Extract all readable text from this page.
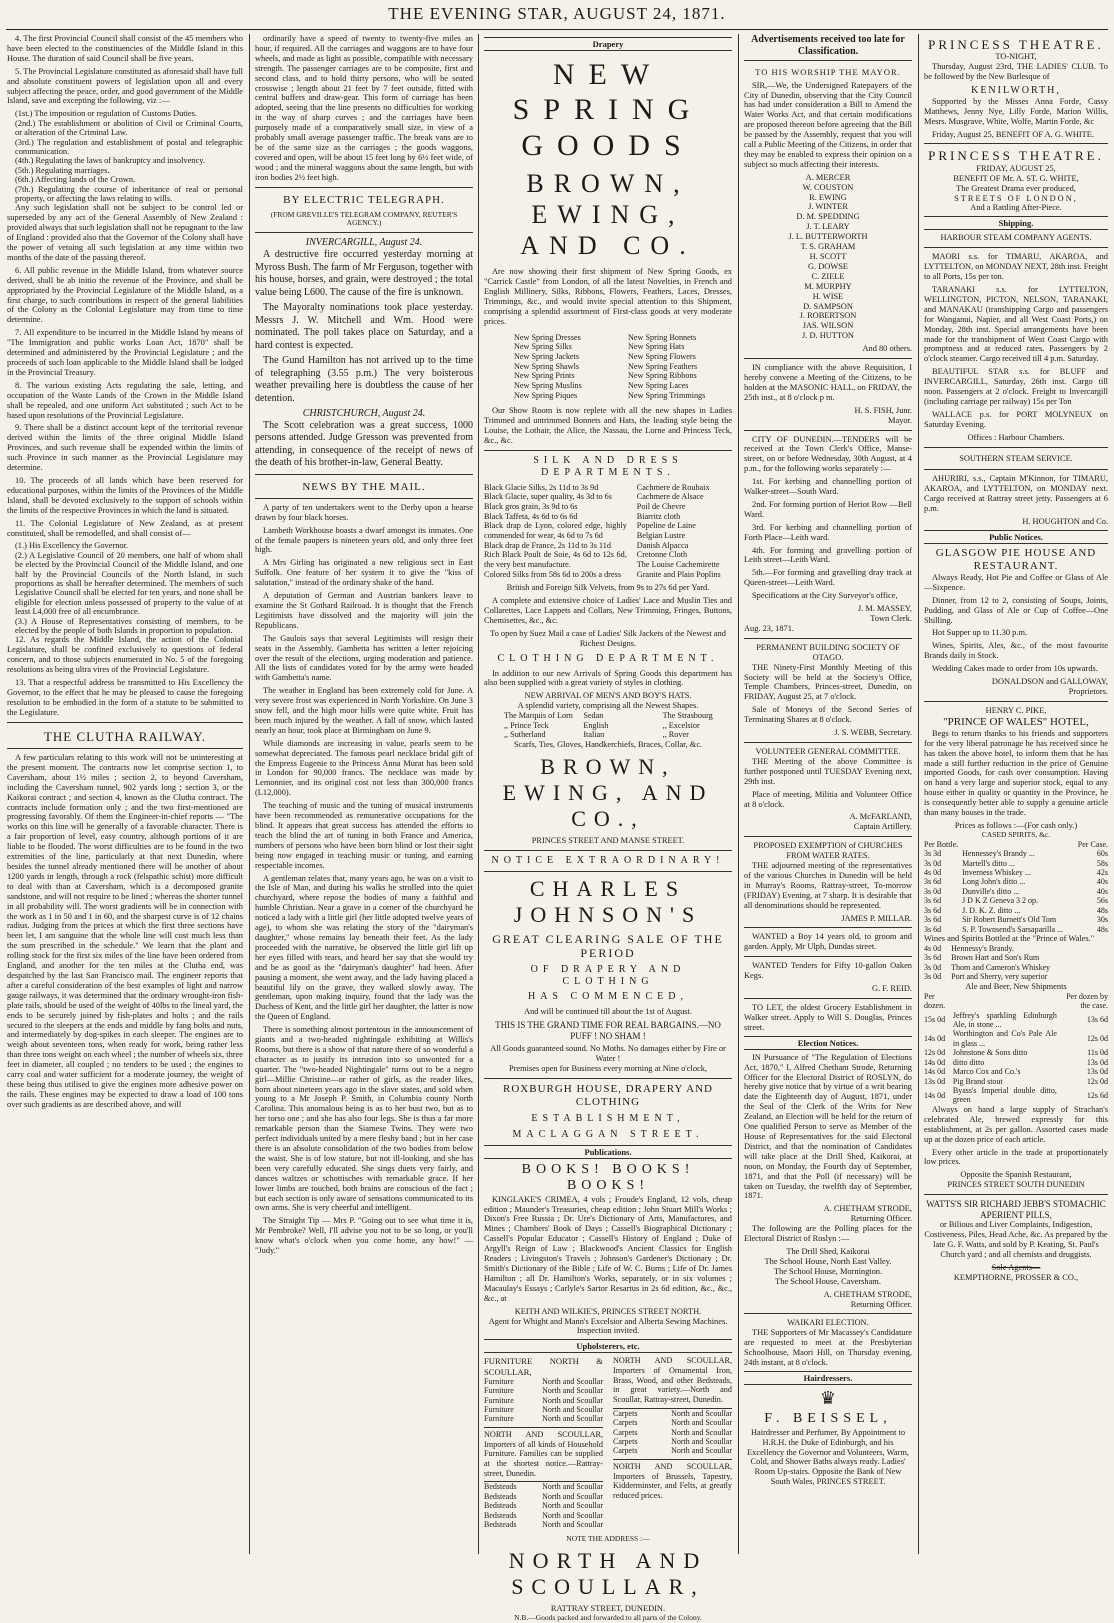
THE EVENING STAR, AUGUST 24, 1871.

4. The first Provincial Council shall consist of the 45 members who have been elected to the constituencies of the Middle Island in this House. The duration of said Council shall be five years.

5. The Provincial Legislature constituted as aforesaid shall have full and absolute constituent powers of legislation upon all and every subject affecting the peace, order, and good government of the Middle Island, save and excepting the following, viz :—

(1st.) The imposition or regulation of Customs Duties.
(2nd.) The establishment or abolition of Civil or Criminal Courts, or alteration of the Criminal Law.
(3rd.) The regulation and establishment of postal and telegraphic communication.
(4th.) Regulating the laws of bankruptcy and insolvency.
(5th.) Regulating marriages.
(6th.) Affecting lands of the Crown.
(7th.) Regulating the course of inheritance of real or personal property, or affecting the laws relating to wills.

Any such legislation shall not be subject to be control led or superseded by any act of the General Assembly of New Zealand : provided always that such legislation shall not be repugnant to the law of England : provided also that the Governor of the Colony shall have the power of vetoing all such legislation at any time within two months of the date of the passing thereof.

6. All public revenue in the Middle Island, from whatever source derived, shall be ab initio the revenue of the Province, and shall be appropriated by the Provincial Legislature of the Middle Island, as a first charge, to such contributions in respect of the general liabilities of the Colony as the Colonial Legislature may from time to time determine.

7. All expenditure to be incurred in the Middle Island by means of "The Immigration and public works Loan Act, 1870" shall be determined and administered by the Provincial Legislature ; and the proceeds of such loan applicable to the Middle Island shall be lodged in the Provincial Treasury.

8. The various existing Acts regulating the sale, letting, and occupation of the Waste Lands of the Crown in the Middle Island shall be repealed, and one uniform Act substituted ; such Act to be based upon resolutions of the Provincial Legislature.

9. There shall be a distinct account kept of the territorial revenue derived within the limits of the three original Middle Island Provinces, and such revenue shall be expended within the limits of such Province in such manner as the Provincial Legislature may determine.

10. The proceeds of all lands which have been reserved for educational purposes, within the limits of the Provinces of the Middle Island, shall be devoted exclusively to the support of schools within the limits of the respective Provinces in which the land is situated.

11. The Colonial Legislature of New Zealand, as at present constituted, shall be remodelled, and shall consist of—

(1.) His Excellency the Governor.
(2.) A Legislative Council of 20 members, one half of whom shall be elected by the Provincial Council of the Middle Island, and one half by the Provincial Councils of the North Island, in such proportions as shall be hereafter determined. The members of such Legislative Council shall be elected for ten years, and none shall be eligible for election unless possessed of property to the value of at least L4,000 free of all encumbrance.
(3.) A House of Representatives consisting of members, to be elected by the people of both Islands in proportion to population.

12. As regards the Middle Island, the action of the Colonial Legislature, shall be confined exclusively to questions of federal concern, and to those subjects enumerated in No. 5 of the foregoing resolutions as being ultra vires of the Provincial Legislature.

13. That a respectful address be transmitted to His Excellency the Governor, to the effect that he may be pleased to cause the foregoing resolution to be embodied in the form of a statute to be submitted to the Legislature.

THE CLUTHA RAILWAY.

A few particulars relating to this work will not be uninteresting at the present moment. The contracts now let comprise section 1, to Caversham, about 1½ miles ; section 2, to beyond Caversham, including the Caversham tunnel, 902 yards long ; section 3, or the Kaikorai contract ; and section 4, known as the Clutha contract. The contracts include formation only ; and the two first-mentioned are progressing favorably. Of them the Engineer-in-chief reports — "The works on this line will be generally of a favorable character. There is a fair proportion of level, easy country, although portions of it are liable to be flooded. The worst difficulties are to be found in the two extremities of the line, particularly at that next Dunedin, where besides the tunnel already mentioned there will be another of about 1200 yards in length, through a rock (felspathic schist) more difficult to deal with than at Caversham, which is a decomposed granite sandstone, and will not require to be lined ; whereas the shorter tunnel in all probability will. The worst gradients will be in connection with the work as 1 in 50 and 1 in 60, and the sharpest curve is of 12 chains radius. Judging from the prices at which the first three sections have been let, I am sanguine that the whole line will cost much less than the sum prescribed in the schedule." We learn that the plant and rolling stock for the first six miles of the line have been ordered from England, and another for the ten miles at the Clutha end, was despatched by the last San Francisco mail. The engineer reports that after a careful consideration of the best examples of light and narrow gauge railways, it was determined that the ordinary wrought-iron fish-plate rails, should be used of the weight of 40lbs to the lineal yard, the ends to be securely joined by fish-plates and bolts ; and the rails secured to the sleepers at the ends and middle by fang bolts and nuts, and intermediately by dog-spikes in each sleeper. The engines are to weigh about seventeen tons, when ready for work, being rather less than three tons weight on each wheel ; the number of wheels six, three feet in diameter, all coupled ; no tenders to be used ; the engines to carry coal and water sufficient for a moderate journey, the weight of these being thus utilised to give the engines more adhesive power on the rails. These engines may be expected to draw a load of 100 tons over such gradients as are described above, and will

ordinarily have a speed of twenty to twenty-five miles an hour, if required. All the carriages and waggons are to have four wheels, and made as light as possible, compatible with necessary strength. The passenger carriages are to be composite, first and second class, and to hold thirty persons, who will be seated crosswise ; length about 21 feet by 7 feet outside, fitted with central buffers and draw-gear. This form of carriage has been adopted, seeing that the line presents no difficulties for working in the way of sharp curves ; and the carriages have been purposely made of a comparatively small size, in view of a probably small average passenger traffic. The break vans are to be of the same size as the carriages ; the goods waggons, covered and open, will be about 15 feet long by 6½ feet wide, of wood ; and the mineral waggons about the same length, but with iron bodies 2½ feet high.

BY ELECTRIC TELEGRAPH.
(FROM GREVILLE'S TELEGRAM COMPANY, REUTER'S AGENCY.)
INVERCARGILL, August 24.

A destructive fire occurred yesterday morning at Myross Bush. The farm of Mr Ferguson, together with his house, horses, and grain, were destroyed ; the total value being L600. The cause of the fire is unknown.

The Mayoralty nominations took place yesterday. Messrs J. W. Mitchell and Wm. Hood were nominated. The poll takes place on Saturday, and a hard contest is expected.

The Gund Hamilton has not arrived up to the time of telegraphing (3.55 p.m.) The very boisterous weather prevailing here is doubtless the cause of her detention.

CHRISTCHURCH, August 24.

The Scott celebration was a great success, 1000 persons attended. Judge Gresson was prevented from attending, in consequence of the receipt of news of the death of his brother-in-law, General Beatty.

NEWS BY THE MAIL.

A party of ten undertakers went to the Derby upon a hearse drawn by four black horses.

Lambeth Workhouse boasts a dwarf amongst its inmates. One of the female paupers is nineteen years old, and only three feet high.

A Mrs Girling has originated a new religious sect in East Suffolk. One feature of her system it to give the "kiss of salutation," instead of the ordinary shake of the hand.

A deputation of German and Austrian bankers leave to examine the St Gothard Railroad. It is thought that the French Legitimists have dissolved and the majority will join the Republicans.

The Gaulois says that several Legitimists will resign their seats in the Assembly. Gambetta has written a letter rejoicing over the result of the elections, urging moderation and patience. All the lists of candidates voted for by the army were headed with Gambetta's name.

The weather in England has been extremely cold for June. A very severe frost was experienced in North Yorkshire. On June 3 snow fell, and the high moor hills were quite white. Fruit has been much injured by the weather. A fall of snow, which lasted nearly an hour, took place at Birmingham on June 9.

While diamonds are increasing in value, pearls seem to be somewhat depreciated. The famous pearl necklace bridal gift of the Empress Eugenie to the Princess Anna Murat has been sold in London for 90,000 francs. The necklace was made by Lemonnier, and its original cost not less than 300,000 francs (L12,000).

The teaching of music and the tuning of musical instruments have been recommended as remunerative occupations for the blind. It appears that great success has attended the efforts to teach the blind the art of tuning in both France and America, numbers of persons who have been born blind or lost their sight being now engaged in teaching music or tuning, and earning respectable incomes.

A gentleman relates that, many years ago, he was on a visit to the Isle of Man, and during his walks he strolled into the quiet churchyard, where repose the bodies of many a faithful and humble Christian. Near a grave in a corner of the churchyard he noticed a lady with a little girl (her little adopted twelve years of age), to whom she was relating the story of the "dairyman's daughter," whose remains lay beneath their feet. As the lady proceeded with the narrative, he observed the little girl lift up her eyes filled with tears, and heard her say that she would try and be as good as the "dairyman's daughter" had been. After pausing a moment, she went away, and the lady having placed a beautiful lily on the grave, they walked slowly away. The gentleman, upon making inquiry, found that the lady was the Duchess of Kent, and the little girl her daughter, the latter is now the Queen of England.

There is something almost portentous in the announcement of giants and a two-headed nightingale exhibiting at Willis's Rooms, but there is a show of that nature there of so wonderful a character as to justify its intrusion into so unwonted for a quarter. The "two-headed Nightingale" turns out to be a negro girl—Millie Christine—or rather of girls, as the reader likes, born about nineteen years ago in the slave states, and sold when young to a Mr Joseph P. Smith, in Columbia county North Carolina. This anomalous being is as to her bust two, but as to her torso one ; and she has also four legs. She is thus a far more remarkable person than the Siamese Twins. They were two perfect individuals united by a mere fleshy band ; but in her case there is an absolute consolidation of the two bodies from below the waist. She is of low stature, but not ill-looking, and she has been very carefully educated. She sings duets very fairly, and dances waltzes or schottisches with remarkable grace. If her lower limbs are touched, both brains are conscious of the fact ; but each section is only aware of sensations communicated to its own arms. She is very cheerful and intelligent.

The Straight Tip — Mrs P. "Going out to see what time it is, Mr Pembroke? Well, I'll advise you not to be so long, or you'll know what's o'clock when you come home, any how!" — "Judy."

Drapery
NEW SPRING GOODS
BROWN, EWING, AND CO.

Are now showing their first shipment of New Spring Goods, ex "Carrick Castle" from London, of all the latest Novelties, in French and English Millinery, Silks, Ribbons, Flowers, Feathers, Laces, Dresses, Trimmings, &c., and would invite special attention to this Shipment, comprising a splendid assortment of First-class goods at very moderate prices.

New Spring Dresses
New Spring Silks
New Spring Jackets
New Spring Shawls
New Spring Prints
New Spring Muslins
New Spring Piques
New Spring Bonnets
New Spring Hats
New Spring Flowers
New Spring Feathers
New Spring Ribbons
New Spring Laces
New Spring Trimmings

Our Show Room is now replete with all the new shapes in Ladies Trimmed and untrimmed Bonnets and Hats, the leading style being the Louise, the Lothair, the Alice, the Nassau, the Lorne and Princess Teck, &c., &c.

SILK AND DRESS DEPARTMENTS.
Black Glacie Silks, 2s 11d to 3s 9d
Black Glacie, super quality, 4s 3d to 6s
Black gros grain, 3s 9d to 6s
Black Taffeta, 4s 6d to 6s 6d
Black drap de Lyon, colored edge, highly commended for wear, 4s 6d to 7s 6d
Black drap de France, 2s 11d to 3s 11d
Rich Black Poult de Soie, 4s 6d to 12s 6d, the very best manufacture.
Colored Silks from 58s 6d to 200s a dress
Cachmere de Roubaix
Cachmere de Alsace
Poil de Chevre
Biarritz cloth
Popeline de Laine
Belgian Lustre
Danish Alpacca
Cretonne Cloth
The Louise Cachemirette
Granite and Plain Poplins

British and Foreign Silk Velvets, from 9s to 27s 6d per Yard.

A complete and extensive choice of Ladies' Lace and Muslin Ties and Collarettes, Lace Lappets and Collars, New Trimming, Fringes, Buttons, Chemisettes, &c., &c.

To open by Suez Mail a case of Ladies' Silk Jackets of the Newest and Richest Designs.

CLOTHING DEPARTMENT.

In addition to our new Arrivals of Spring Goods this department has also been supplied with a great variety of styles in clothing.

NEW ARRIVAL OF MEN'S AND BOY'S HATS.
A splendid variety, comprising all the Newest Shapes.
The Marquis of Lorn
,, Prince Teck
,, Sutherland
Sedan
English
Italian
The Strasbourg
,, Excelsior
,, Rover
Scarfs, Ties, Gloves, Handkerchiefs, Braces, Collar, &c.
BROWN, EWING, AND CO.,
PRINCES STREET AND MANSE STREET.
NOTICE EXTRAORDINARY!
CHARLES JOHNSON'S
GREAT CLEARING SALE OF THE PERIOD
OF DRAPERY AND CLOTHING
HAS COMMENCED,
And will be continued till about the 1st of August.
THIS IS THE GRAND TIME FOR REAL BARGAINS.—NO PUFF ! NO SHAM !
All Goods guaranteed sound. No Moths. No damages either by Fire or Water !
Premises open for Business every morning at Nine o'clock,
ROXBURGH HOUSE, DRAPERY AND CLOTHING
ESTABLISHMENT,
MACLAGGAN STREET.
Publications.
BOOKS! BOOKS! BOOKS!

KINGLAKE'S CRIMEA, 4 vols ; Froude's England, 12 vols, cheap edition ; Maunder's Treasuries, cheap edition ; John Stuart Mill's Works ; Dixon's Free Russia ; Dr. Ure's Dictionary of Arts, Manufactures, and Mines ; Chambers' Book of Days ; Cassell's Biographical Dictionary ; Cassell's Popular Educator ; Cassell's History of England ; Duke of Argyll's Reign of Law ; Blackwood's Ancient Classics for English Readers ; Livingston's Travels ; Johnson's Gardener's Dictionary ; Dr. Smith's Dictionary of the Bible ; Life of W. C. Burns ; Life of Dr. James Hamilton ; all Dr. Hamilton's Works, separately, or in six volumes ; Macaulay's Essays ; Carlyle's Sartor Resartus in 2s 6d edition, &c., &c., &c., at

KEITH AND WILKIE'S, PRINCES STREET NORTH.
Agent for Whight and Mann's Excelsior and Alberta Sewing Machines. Inspection invited.
Upholsterers, etc.
FURNITURE NORTH & SCOULLAR,
Furniture	North and Scoullar
Furniture	North and Scoullar
Furniture	North and Scoullar
Furniture	North and Scoullar
Furniture	North and Scoullar
NORTH AND SCOULLAR, Importers of all kinds of Household Furniture. Families can be supplied at the shortest notice.—Rattray-street, Dunedin.
Bedsteads	North and Scoullar
Bedsteads	North and Scoullar
Bedsteads	North and Scoullar
Bedsteads	North and Scoullar
Bedsteads	North and Scoullar
NORTH AND SCOULLAR, Importers of Ornamental Iron, Brass, Wood, and other Bedsteads, in great variety.—North and Scoullar, Rattray-street, Dunedin.
Carpets	North and Scoullar
Carpets	North and Scoullar
Carpets	North and Scoullar
Carpets	North and Scoullar
Carpets	North and Scoullar
NORTH AND SCOULLAR, Importers of Brussels, Tapestry, Kidderminster, and Felts, at greatly reduced prices.
NOTE THE ADDRESS :—
NORTH AND SCOULLAR,
RATTRAY STREET, DUNEDIN.
N.B.—Goods packed and forwarded to all parts of the Colony.
Advertisements received too late for Classification.
TO HIS WORSHIP THE MAYOR.

SIR,—We, the Undersigned Ratepayers of the City of Dunedin, observing that the City Council has had under consideration a Bill to Amend the Water Works Act, and that certain modifications are proposed thereon before agreeing that the Bill be passed by the Assembly, request that you will call a Public Meeting of the Citizens, in order that they may be enabled to express their opinion on a subject so much affecting their interests.

A. MERCER
W. COUSTON
R. EWING
J. WINTER
D. M. SPEDDING
J. T. LEARY
J. L. BUTTERWORTH
T. S. GRAHAM
H. SCOTT
G. DOWSE
C. ZIELE
M. MURPHY
H. WISE
D. SAMPSON
J. ROBERTSON
JAS. WILSON
J. D. HUTTON
And 80 others.

IN compliance with the above Requisition, I hereby convene a Meeting of the Citizens, to be holden at the MASONIC HALL, on FRIDAY, the 25th inst., at 8 o'clock p m.

H. S. FISH, Junr.
Mayor.

CITY OF DUNEDIN.—TENDERS will be received at the Town Clerk's Office, Manse-street, on or before Wednesday, 30th August, at 4 p.m., for the following works separately :—

1st. For kerbing and channelling portion of Walker-street—South Ward.

2nd. For forming portion of Heriot Row —Bell Ward.

3rd. For kerbing and channelling portion of Forth Place—Leith ward.

4th. For forming and gravelling portion of Leith street—Leith Ward.

5th.—For forming and gravelling dray track at Queen-street—Leith Ward.

Specifications at the City Surveyor's office,

J. M. MASSEY,
Town Clerk.
Aug. 23, 1871.
PERMANENT BUILDING SOCIETY OF OTAGO.

THE Ninety-First Monthly Meeting of this Society will be held at the Society's Office, Temple Chambers, Princes-street, Dunedin, on FRIDAY, August 25, at 7 o'clock.

Sale of Moneys of the Second Series of Terminating Shares at 8 o'clock.

J. S. WEBB, Secretary.
VOLUNTEER GENERAL COMMITTEE.

THE Meeting of the above Committee is further postponed until TUESDAY Evening next, 29th inst.

Place of meeting, Militia and Volunteer Office at 8 o'clock.

A. McFARLAND,
Captain Artillery.
PROPOSED EXEMPTION of CHURCHES FROM WATER RATES.

THE adjourned meeting of the representatives of the various Churches in Dunedin will be held in Murray's Rooms, Rattray-street, To-morrow (FRIDAY) Evening, at 7 sharp. It is desirable that all denominations should be represented.

JAMES P. MILLAR.

WANTED a Boy 14 years old, to groom and garden. Apply, Mr Ulph, Dundas street.

WANTED Tenders for Fifty 10-gallon Oaken Kegs.

G. F. REID.

TO LET, the oldest Grocery Establishment in Walker street. Apply to Will S. Douglas, Princes street.

Election Notices.

IN Pursuance of "The Regulation of Elections Act, 1870," I, Alfred Chetham Strode, Returning Officer for the Electoral District of ROSLYN, do hereby give notice that by virtue of a writ bearing date the Eighteenth day of August, 1871, under the Seal of the Clerk of the Writs for New Zealand, an Election will be held for the return of One qualified Person to serve as Member of the House of Representatives for the said Electoral District, and that the nomination of Candidates will take place at the Drill Shed, Kaikorai, at noon, on Monday, the Fourth day of September, 1871, and that the Poll (if necessary) will be taken on Tuesday, the twelfth day of September, 1871.

A. CHETHAM STRODE,
Returning Officer.

The following are the Polling places for the Electoral District of Roslyn :—

The Drill Shed, Kaikorai
The School House, North East Valley.
The School House, Mornington.
The School House, Caversham.
A. CHETHAM STRODE,
Returning Officer.
WAIKARI ELECTION.

THE Supporters of Mr Macassey's Candidature are requested to meet at the Presbyterian Schoolhouse, Maori Hill, on Thursday evening, 24th instant, at 8 o'clock.

Hairdressers.
♛
F. BEISSEL,

Hairdresser and Perfumer, By Appointment to H.R.H. the Duke of Edinburgh, and his Excellency the Governor and Volunteers, Warm, Cold, and Shower Baths always ready. Ladies' Room Up-stairs. Opposite the Bank of New South Wales, PRINCES STREET.

PRINCESS THEATRE.
TO-NIGHT,

Thursday, August 23rd, THE LADIES' CLUB. To be followed by the New Burlesque of

KENILWORTH,

Supported by the Misses Anna Forde, Cassy Matthews, Jenny Nye, Lilly Forde, Marion Willis, Mesrs. Musgrave, White, Wolfe, Martin Forde, &c

Friday, August 25, BENEFIT OF A. G. WHITE.

PRINCESS THEATRE.
FRIDAY, AUGUST 25,
BENEFIT OF Mr. A. ST. G. WHITE,
The Greatest Drama ever produced,
STREETS OF LONDON,
And a Rattling After-Piece.
Shipping.
HARBOUR STEAM COMPANY AGENTS.

MAORI s.s. for TIMARU, AKAROA, and LYTTELTON, on MONDAY NEXT, 28th inst. Freight to all Ports, 15s per ton.

TARANAKI s.s. for LYTTELTON, WELLINGTON, PICTON, NELSON, TARANAKI, and MANAKAU (transhipping Cargo and passengers for Wanganui, Napier, and all West Coast Ports,) on Monday, 28th inst. Special arrangements have been made for the transhipment of West Coast Cargo with promptness and at reduced rates. Passengers by 2 o'clock steamer. Cargo received till 4 p.m. Saturday.

BEAUTIFUL STAR s.s. for BLUFF and INVERCARGILL, Saturday, 26th inst. Cargo till noon. Passengers at 2 o'clock. Freight to Invercargill (including carriage per railway) 15s per Ton

WALLACE p.s. for PORT MOLYNEUX on Saturday Evening.

Offices : Harbour Chambers.
SOUTHERN STEAM SERVICE.

AHURIRI, s.s., Captain M'Kinnon, for TIMARU, AKAROA, and LYTTELTON, on MONDAY next. Cargo received at Rattray street jetty. Passengers at 6 p.m.

H. HOUGHTON and Co.
Public Notices.
GLASGOW PIE HOUSE AND RESTAURANT.

Always Ready, Hot Pie and Coffee or Glass of Ale—Sixpence.

Dinner, from 12 to 2, consisting of Soups, Joints, Pudding, and Glass of Ale or Cup of Coffee—One Shilling.

Hot Supper up to 11.30 p.m.

Wines, Spirits, Ales, &c., of the most favourite Brands daily in Stock.

Wedding Cakes made to order from 10s upwards.

DONALDSON and GALLOWAY,
Proprietors.
HENRY C. PIKE,
"PRINCE OF WALES" HOTEL,

Begs to return thanks to his friends and supporters for the very liberal patronage he has received since he has taken the above hotel, to inform them that he has made a still further reduction in the price of Genuine imported Goods, for cash over consumption. Having on hand a very large and superior stock, equal to any house either in quality or quantity in the Province, he is consequently better able to supply a genuine article than many houses in the trade.

Prices as follows :—(For cash only.)
CASED SPIRITS, &c.
Per Bottle.		Per Case.
3s 3d	Hennessey's Brandy ...	60s
3s 0d	Martell's ditto ...	58s
4s 0d	Inverness Whiskey ...	42s
3s 6d	Long John's ditto ...	40s
3s 0d	Dunville's ditto ...	40s
3s 6d	J D K Z Geneva 3 2 op.	56s
3s 6d	J. D. K. Z. ditto ...	48s
3s 6d	Sir Robert Burnett's Old Tom	30s
3s 6d	S. P. Townsend's Sarsaparilla ...	48s
Wines and Spirits Bottled at the "Prince of Wales."
4s 0d	Hennessy's Brandy.
3s 6d	Brown Hart and Son's Rum
3s 0d	Thom and Cameron's Whiskey
3s 0d	Port and Sherry, very superior
Ale and Beer, New Shipments
Per dozen.		Per dozen by the case.
15s 0d	Jeffrey's sparkling Edinburgh Ale, in stone ...	13s 6d
14s 0d	Worthington and Co's Pale Ale in glass ...	12s 0d
12s 0d	Johnstone & Sons ditto	11s 0d
14s 0d	ditto ditto	13s 0d
14s 0d	Marco Cox and Co.'s	13s 0d
13s 0d	Pig Brand stout	12s 0d
14s 0d	Byass's Imperial double ditto, green	12s 6d

Always on hand a large supply of Strachan's celebrated Ale, brewed expressly for this establishment, at 2s per gallon. Assorted cases made up at the dozen price of each article.

Every other article in the trade at proportionately low prices.

Opposite the Spanish Restaurant,
PRINCES STREET SOUTH DUNEDIN
WATTS'S SIR RICHARD JEBB'S STOMACHIC APERIENT PILLS,

or Bilious and Liver Complaints, Indigestion, Costiveness, Piles, Head Ache, &c. As prepared by the late G. F. Watts, and sold by P. Keating, St. Paul's Church yard ; and all chemists and druggists.

Sole Agents—
KEMPTHORNE, PROSSER & CO.,
